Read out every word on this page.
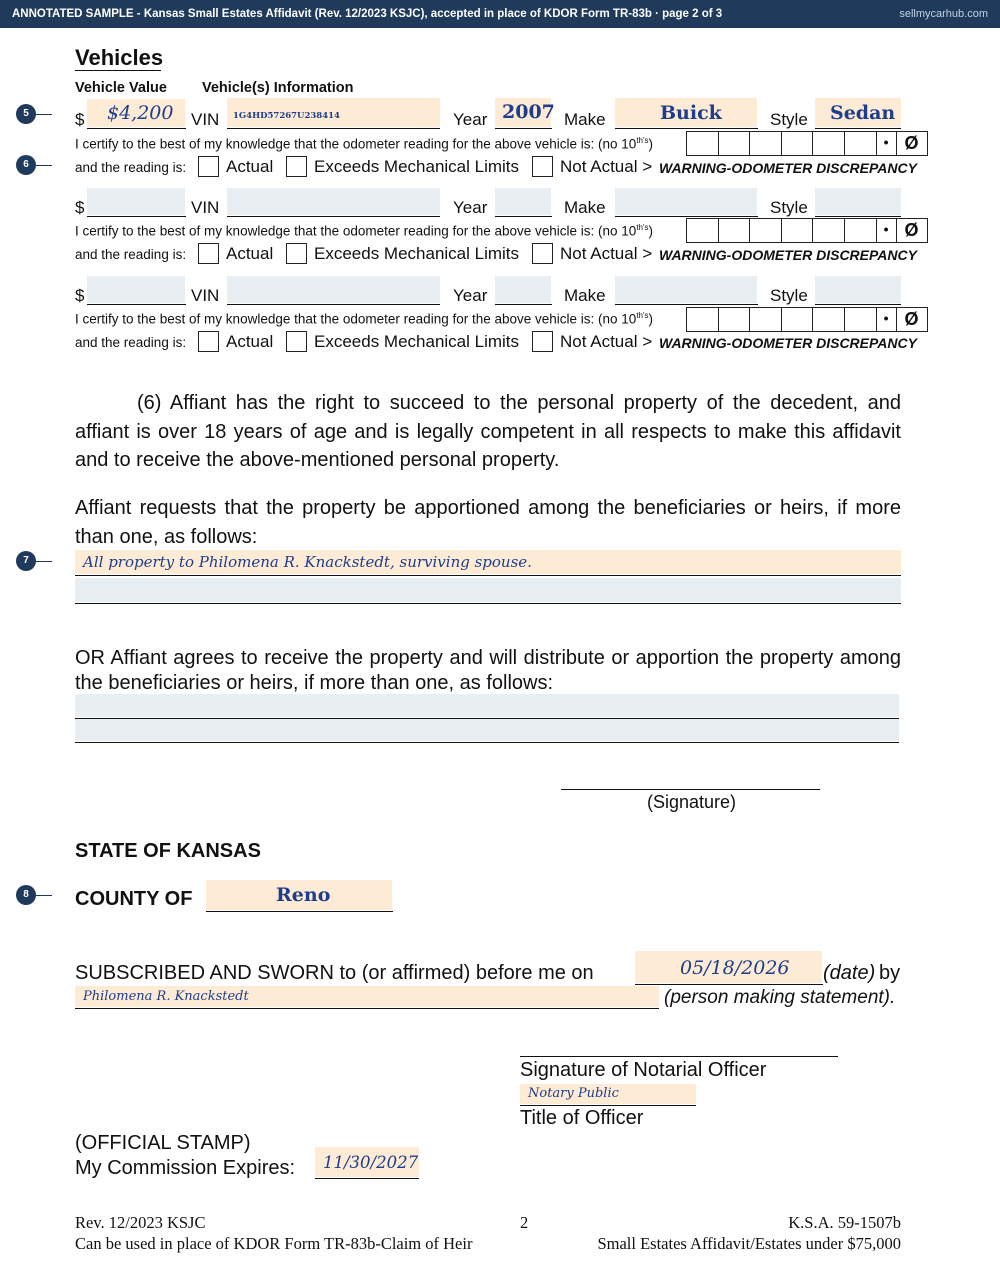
ANNOTATED SAMPLE - Kansas Small Estates Affidavit (Rev. 12/2023 KSJC), accepted in place of KDOR Form TR-83b · page 2 of 3	sellmycarhub.com
5
6
7
8
Vehicles
Vehicle Value Vehicle(s) Information
$ $4,200 VIN 1G4HD57267U238414	Year 2007 Make	Buick	Style Sedan
I certify to the best of my knowledge that the odometer reading for the above vehicle is: (no $10^{th's}$)	• Ø
and the reading is: Actual Exceeds Mechanical Limits Not Actual > WARNING-ODOMETER DISCREPANCY
$	VIN	Year	Make	Style
I certify to the best of my knowledge that the odometer reading for the above vehicle is: (no $10^{th's}$)	• Ø
and the reading is: Actual Exceeds Mechanical Limits Not Actual > WARNING-ODOMETER DISCREPANCY
$	VIN	Year	Make	Style
I certify to the best of my knowledge that the odometer reading for the above vehicle is: (no $10^{th's}$)	• Ø
and the reading is: Actual Exceeds Mechanical Limits Not Actual > WARNING-ODOMETER DISCREPANCY
(6) Affiant has the right to succeed to the personal property of the decedent, and affiant is over 18 years of age and is legally competent in all respects to make this affidavit and to receive the above-mentioned personal property.
Affiant requests that the property be apportioned among the beneficiaries or heirs, if more than one, as follows:
All property to Philomena R. Knackstedt, surviving spouse.
OR Affiant agrees to receive the property and will distribute or apportion the property among the beneficiaries or heirs, if more than one, as follows:
(Signature)
STATE OF KANSAS
COUNTY OF	Reno
SUBSCRIBED AND SWORN to (or affirmed) before me on	05/18/2026 (date) by
Philomena R. Knackstedt	(person making statement).
Signature of Notarial Officer
Notary Public
Title of Officer
(OFFICIAL STAMP)
My Commission Expires: 11/30/2027
Rev. 12/2023 KSJC
Can be used in place of KDOR Form TR-83b-Claim of Heir
2	K.S.A. 59-1507b
Small Estates Affidavit/Estates under $75,000
